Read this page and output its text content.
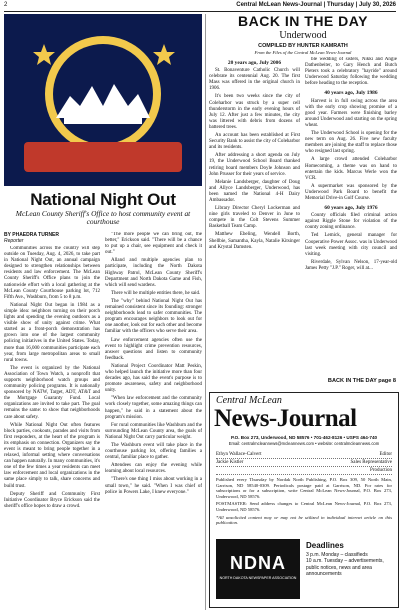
2	Central McLean News-Journal | Thursday | July 30, 2026
National Night Out
McLean County Sheriff's Office to host community event at courthouse
BY PHAEDRA TURNER
Reporter

Communities across the country will step outside on Tuesday, Aug. 4, 2026, to take part in National Night Out, an annual campaign designed to strengthen relationships between residents and law enforcement. The McLean County Sheriff's Office plans to join the nationwide effort with a local gathering at the McLean County Courthouse parking lot, 712 Fifth Ave., Washburn, from 5 to 8 p.m.

National Night Out began in 1984 as a simple idea: neighbors turning on their porch lights and spending the evening outdoors as a visible show of unity against crime. What started as a front-porch demonstration has grown into one of the largest community policing initiatives in the United States. Today, more than 16,000 communities participate each year, from large metropolitan areas to small rural towns.

The event is organized by the National Association of Town Watch, a nonprofit that supports neighborhood watch groups and community policing programs. It is nationally sponsored by NATW, Target, ADT, AT&T and the Mortgage Guaranty Fund. Local organizations are invited to take part. The goal remains the same: to show that neighborhoods care about safety.

While National Night Out often features block parties, cookouts, parades and visits from first responders, at the heart of the program is its emphasis on connection. Organizers say the event is meant to bring people together in a relaxed, informal setting where conversations can happen naturally. In many communities, it's one of the few times a year residents can meet law enforcement and local organizations in the same place simply to talk, share concerns and build trust.

Deputy Sheriff and Community First Initiative Coordinator Bryce Erickson said the sheriff's office hopes to draw a crowd.

"The more people we can bring out, the better," Erickson said. "There will be a chance to put up a chair, see equipment and check it out."

Alland and multiple agencies plan to participate, including the North Dakota Highway Patrol, McLean County Sheriff's Department and North Dakota Game and Fish, which will send wardens.

There will be multiple entities there, he said.

The "why" behind National Night Out has remained consistent since its founding: stronger neighborhoods lead to safer communities. The program encourages neighbors to look out for one another, look out for each other and become familiar with the officers who serve their area.

Law enforcement agencies often use the event to highlight crime prevention resources, answer questions and listen to community feedback.

National Project Coordinator Matt Peskin, who helped launch the initiative more than four decades ago, has said the event's purpose is to promote awareness, safety and neighborhood unity.

"When law enforcement and the community work closely together, some amazing things can happen," he said in a statement about the program's mission.

For rural communities like Washburn and the surrounding McLean County area, the goals of National Night Out carry particular weight.

The Washburn event will take place in the courthouse parking lot, offering families a central, familiar place to gather.

Attendees can enjoy the evening while learning about local resources.

"There's one thing I miss about working in a small town," he said. "When I was chief of police in Powers Lake, I knew everyone."

BACK IN THE DAY
Underwood
COMPILED BY HUNTER KAMRATH
From the Files of the Central McLean News-Journal
20 years ago, July 2006

St. Bonaventure Catholic Church will celebrate its centennial Aug. 20. The first Mass was offered in the original church in 1906.

It's been two weeks since the city of Coleharbor was struck by a super cell thunderstorm in the early evening hours of July 12. After just a few minutes, the city was littered with debris from dozens of battered trees.

An account has been established at First Security Bank to assist the city of Coleharbor and its residents.

After addressing a short agenda on July 19, the Underwood School Board thanked retiring board members Doyle Johnson and John Prusser for their years of service.

Melanie Landsberger, daughter of Doug and Allyce Landsberger, Underwood, has been named the National 4-H Dairy Ambassador.

Library Director Cheryl Lockerman and nine girls traveled to Denver in June to compete in the Colt Stevens Summer Basketball Team Camp.

Matthew Ebeling, Wendell Borth, Shellbie, Samantha, Kayla, Natalie Kitsinger and Krystal Damsten.

ble wedding of sisters, Nikki and Angie Dathenbeiter, to Gary Hench and Butch Pieters took a celebratory "hayride" around Underwood Saturday following the wedding before heading to the reception.

40 years ago, July 1986

Harvest is in full swing across the area with the early crop showing promise of a good year. Farmers were finishing barley around Underwood and starting on the spring wheat.

The Underwood School is opening for the new term on Aug. 26. Five new faculty members are joining the staff to replace those who resigned last spring.

A large crowd attended Coleharbor Homecoming, a theme was on hand to entertain the kids. Marcus Werle won the VCR.

A supermarket was sponsored by the Underwood Park Board to benefit the Memorial Drive-in Golf Course.

60 years ago, July 1976

County officials filed criminal action against Riggle Stone for violation of the county zoning ordinance.

Ted Lemick, general manager for Cooperative Power Assoc. was in Underwood last week meeting with city council and visiting.

Riverdale, Sylvan Nelson, 17-year-old James Petty "J.P." Roger, will at...

BACK IN THE DAY page 8
Central McLean
News-Journal
P.O. Box 273, Underwood, ND 58576 • 701-462-8126 • USPS 464-740
Email: centralmcleannews@mcleannews.com • website: centralmcleannews.com
Ethyn Wallace-Calvert	Editor
Jackie Kistler	Sales Representative
Production

Published every Thursday by Nordak North Publishing, P.O. Box 309, 50 North Main, Garrison, ND 58540-0309. Periodicals postage paid at Garrison, ND. For rates for subscriptions or for a subscription, write Central McLean News-Journal, P.O. Box 273, Underwood, ND 58576.

POSTMASTER: Send address changes to Central McLean News-Journal, P.O. Box 273, Underwood, ND 58576.

*All unsolicited content may or may not be utilized in individual internet article on this publication.

NDNA
NORTH DAKOTA NEWSPAPER ASSOCIATION
Deadlines
3 p.m. Monday – classifieds
10 a.m. Tuesday – advertisements, public notices, news and area announcements
